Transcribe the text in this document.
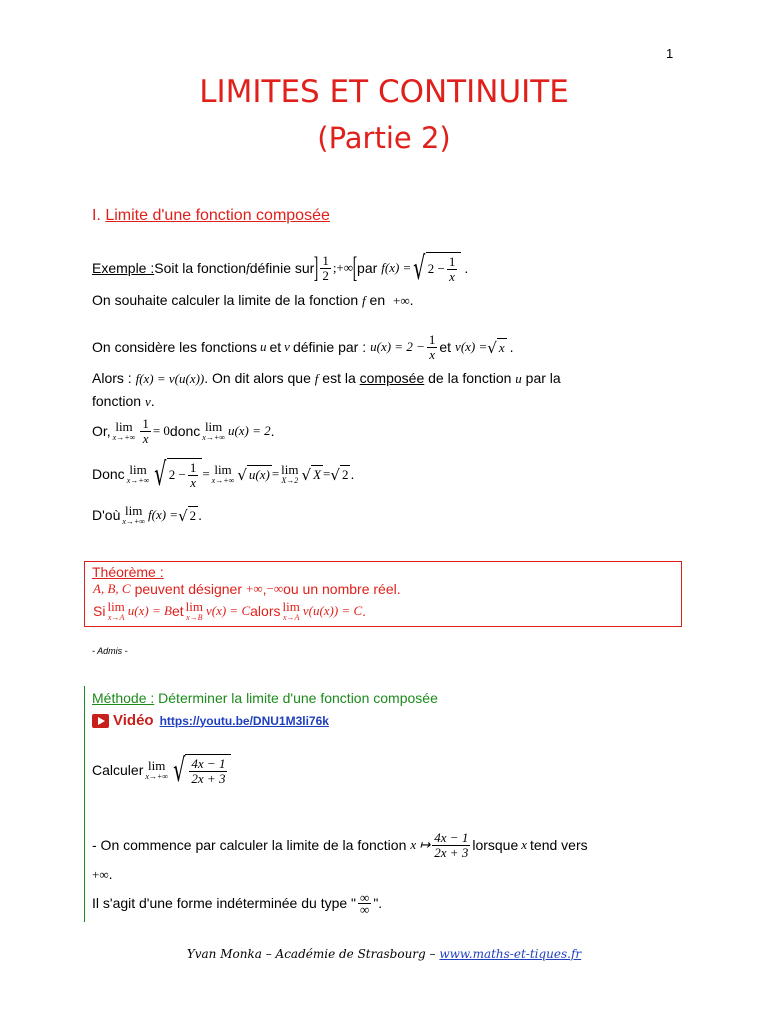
1
LIMITES ET CONTINUITE
(Partie 2)
I. Limite d'une fonction composée
Exemple : Soit la fonction f définie sur ] $\frac{1}{2}$ ;+∞ [ par f(x) = √ $2 - \frac{1}{x}$ .
On souhaite calculer la limite de la fonction f en +∞.
On considère les fonctions u et v définie par : $u(x) = 2 - \frac{1}{x}$ et v(x) = √ x .
Alors : f(x) = v(u(x)). On dit alors que f est la composée de la fonction u par la
fonction v.
Or, lim
$x\to+\infty \frac{1}{x} = 0$ donc lim
x→+∞ u(x) = 2 .
Donc lim
x→+∞ √ $2 - \frac{1}{x} = \lim$
x→+∞ √ u(x) = lim
X→2 √ X = √ 2 .
D'où lim
x→+∞ f(x) = √ 2 .
Théorème :
A, B, C peuvent désigner +∞ , −∞ ou un nombre réel.
Si lim
x→A u(x) = B et lim
x→B v(x) = C alors lim
x→A v(u(x)) = C .
- Admis -
Méthode : Déterminer la limite d'une fonction composée
Vidéo https://youtu.be/DNU1M3li76k
Calculer lim
x→+∞ √ $\frac{4x - 1}{2x + 3}$
- On commence par calculer la limite de la fonction x ↦ $\frac{4x - 1}{2x + 3}$ lorsque x tend vers
+∞.
Il s'agit d'une forme indéterminée du type " $\frac{\infty}{\infty}$ ".
Yvan Monka – Académie de Strasbourg – www.maths-et-tiques.fr
